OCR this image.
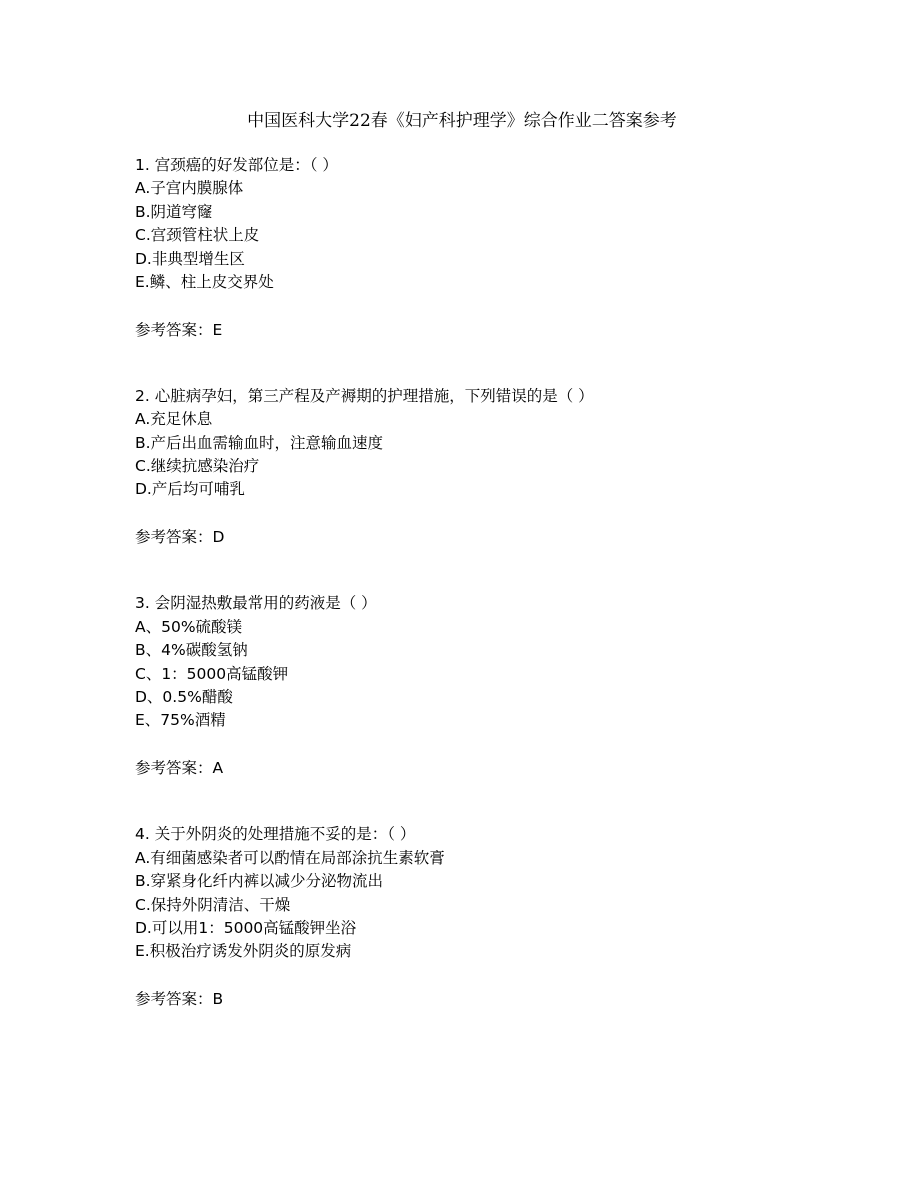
中国医科大学22春《妇产科护理学》综合作业二答案参考
1. 宫颈癌的好发部位是：（ ）
A.子宫内膜腺体
B.阴道穹窿
C.宫颈管柱状上皮
D.非典型增生区
E.鳞、柱上皮交界处
参考答案：E
2. 心脏病孕妇，第三产程及产褥期的护理措施，下列错误的是（ ）
A.充足休息
B.产后出血需输血时，注意输血速度
C.继续抗感染治疗
D.产后均可哺乳
参考答案：D
3. 会阴湿热敷最常用的药液是（ ）
A、50%硫酸镁
B、4%碳酸氢钠
C、1：5000高锰酸钾
D、0.5%醋酸
E、75%酒精
参考答案：A
4. 关于外阴炎的处理措施不妥的是：（ ）
A.有细菌感染者可以酌情在局部涂抗生素软膏
B.穿紧身化纤内裤以减少分泌物流出
C.保持外阴清洁、干燥
D.可以用1：5000高锰酸钾坐浴
E.积极治疗诱发外阴炎的原发病
参考答案：B
